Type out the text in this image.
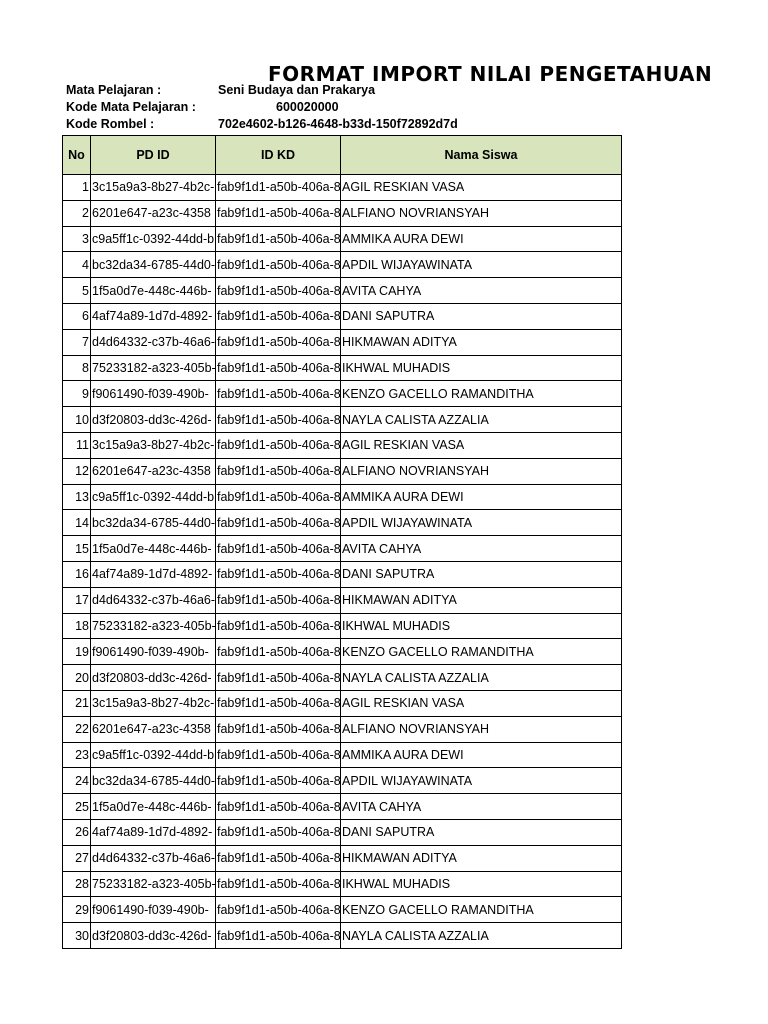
FORMAT IMPORT NILAI PENGETAHUAN
Mata Pelajaran :	Seni Budaya dan Prakarya
Kode Mata Pelajaran :	600020000
Kode Rombel :	702e4602-b126-4648-b33d-150f72892d7d
No	PD ID	ID KD	Nama Siswa
1	3c15a9a3-8b27-4b2c-	fab9f1d1-a50b-406a-8	AGIL RESKIAN VASA
2	6201e647-a23c-4358	fab9f1d1-a50b-406a-8	ALFIANO NOVRIANSYAH
3	c9a5ff1c-0392-44dd-b	fab9f1d1-a50b-406a-8	AMMIKA AURA DEWI
4	bc32da34-6785-44d0-	fab9f1d1-a50b-406a-8	APDIL WIJAYAWINATA
5	1f5a0d7e-448c-446b-	fab9f1d1-a50b-406a-8	AVITA CAHYA
6	4af74a89-1d7d-4892-	fab9f1d1-a50b-406a-8	DANI SAPUTRA
7	d4d64332-c37b-46a6-	fab9f1d1-a50b-406a-8	HIKMAWAN ADITYA
8	75233182-a323-405b-	fab9f1d1-a50b-406a-8	IKHWAL MUHADIS
9	f9061490-f039-490b-	fab9f1d1-a50b-406a-8	KENZO GACELLO RAMANDITHA
10	d3f20803-dd3c-426d-	fab9f1d1-a50b-406a-8	NAYLA CALISTA AZZALIA
11	3c15a9a3-8b27-4b2c-	fab9f1d1-a50b-406a-8	AGIL RESKIAN VASA
12	6201e647-a23c-4358	fab9f1d1-a50b-406a-8	ALFIANO NOVRIANSYAH
13	c9a5ff1c-0392-44dd-b	fab9f1d1-a50b-406a-8	AMMIKA AURA DEWI
14	bc32da34-6785-44d0-	fab9f1d1-a50b-406a-8	APDIL WIJAYAWINATA
15	1f5a0d7e-448c-446b-	fab9f1d1-a50b-406a-8	AVITA CAHYA
16	4af74a89-1d7d-4892-	fab9f1d1-a50b-406a-8	DANI SAPUTRA
17	d4d64332-c37b-46a6-	fab9f1d1-a50b-406a-8	HIKMAWAN ADITYA
18	75233182-a323-405b-	fab9f1d1-a50b-406a-8	IKHWAL MUHADIS
19	f9061490-f039-490b-	fab9f1d1-a50b-406a-8	KENZO GACELLO RAMANDITHA
20	d3f20803-dd3c-426d-	fab9f1d1-a50b-406a-8	NAYLA CALISTA AZZALIA
21	3c15a9a3-8b27-4b2c-	fab9f1d1-a50b-406a-8	AGIL RESKIAN VASA
22	6201e647-a23c-4358	fab9f1d1-a50b-406a-8	ALFIANO NOVRIANSYAH
23	c9a5ff1c-0392-44dd-b	fab9f1d1-a50b-406a-8	AMMIKA AURA DEWI
24	bc32da34-6785-44d0-	fab9f1d1-a50b-406a-8	APDIL WIJAYAWINATA
25	1f5a0d7e-448c-446b-	fab9f1d1-a50b-406a-8	AVITA CAHYA
26	4af74a89-1d7d-4892-	fab9f1d1-a50b-406a-8	DANI SAPUTRA
27	d4d64332-c37b-46a6-	fab9f1d1-a50b-406a-8	HIKMAWAN ADITYA
28	75233182-a323-405b-	fab9f1d1-a50b-406a-8	IKHWAL MUHADIS
29	f9061490-f039-490b-	fab9f1d1-a50b-406a-8	KENZO GACELLO RAMANDITHA
30	d3f20803-dd3c-426d-	fab9f1d1-a50b-406a-8	NAYLA CALISTA AZZALIA
